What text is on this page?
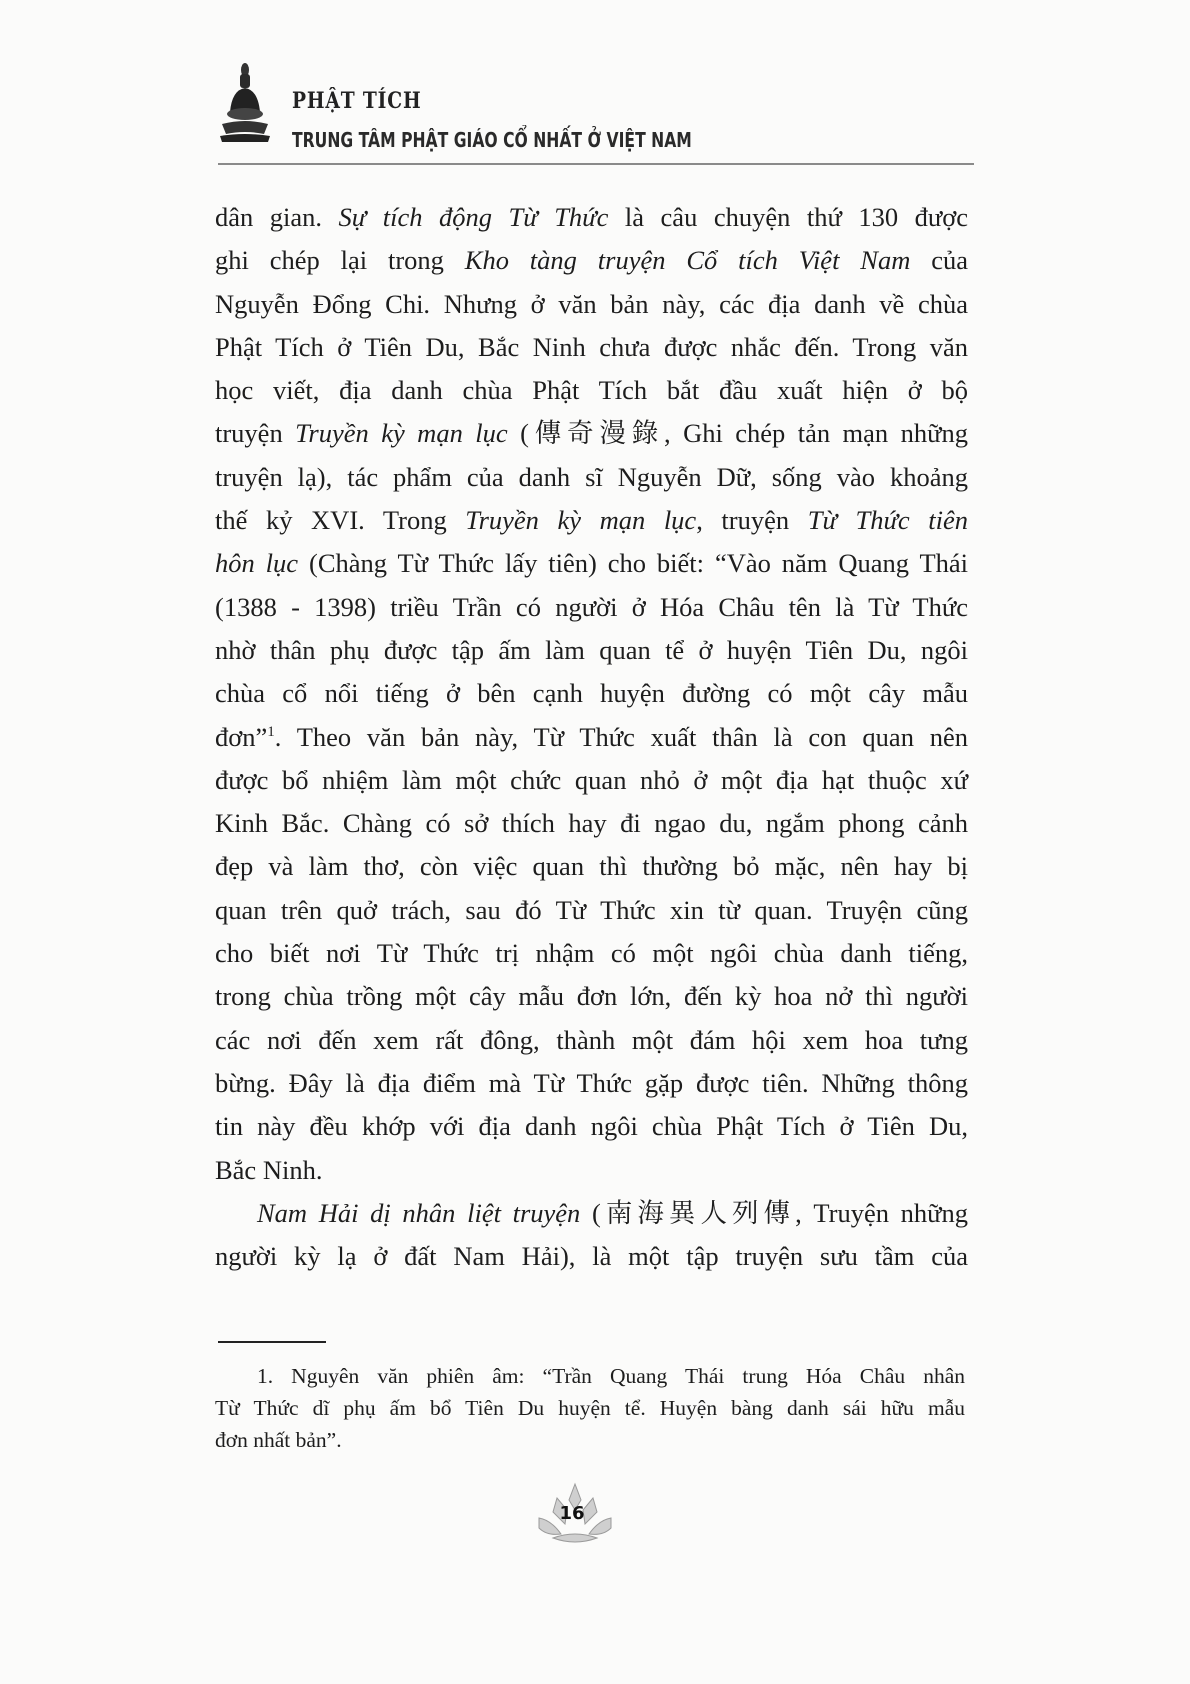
PHẬT TÍCH
TRUNG TÂM PHẬT GIÁO CỔ NHẤT Ở VIỆT NAM
dân gian. Sự tích động Từ Thức là câu chuyện thứ 130 được
ghi chép lại trong Kho tàng truyện Cổ tích Việt Nam của
Nguyễn Đổng Chi. Nhưng ở văn bản này, các địa danh về chùa
Phật Tích ở Tiên Du, Bắc Ninh chưa được nhắc đến. Trong văn
học viết, địa danh chùa Phật Tích bắt đầu xuất hiện ở bộ
truyện Truyền kỳ mạn lục (傳奇漫錄, Ghi chép tản mạn những
truyện lạ), tác phẩm của danh sĩ Nguyễn Dữ, sống vào khoảng
thế kỷ XVI. Trong Truyền kỳ mạn lục, truyện Từ Thức tiên
hôn lục (Chàng Từ Thức lấy tiên) cho biết: “Vào năm Quang Thái
(1388 - 1398) triều Trần có người ở Hóa Châu tên là Từ Thức
nhờ thân phụ được tập ấm làm quan tể ở huyện Tiên Du, ngôi
chùa cổ nổi tiếng ở bên cạnh huyện đường có một cây mẫu
đơn”$^1$. Theo văn bản này, Từ Thức xuất thân là con quan nên
được bổ nhiệm làm một chức quan nhỏ ở một địa hạt thuộc xứ
Kinh Bắc. Chàng có sở thích hay đi ngao du, ngắm phong cảnh
đẹp và làm thơ, còn việc quan thì thường bỏ mặc, nên hay bị
quan trên quở trách, sau đó Từ Thức xin từ quan. Truyện cũng
cho biết nơi Từ Thức trị nhậm có một ngôi chùa danh tiếng,
trong chùa trồng một cây mẫu đơn lớn, đến kỳ hoa nở thì người
các nơi đến xem rất đông, thành một đám hội xem hoa tưng
bừng. Đây là địa điểm mà Từ Thức gặp được tiên. Những thông
tin này đều khớp với địa danh ngôi chùa Phật Tích ở Tiên Du,
Bắc Ninh.
Nam Hải dị nhân liệt truyện (南海異人列傳, Truyện những
người kỳ lạ ở đất Nam Hải), là một tập truyện sưu tầm của
1. Nguyên văn phiên âm: “Trần Quang Thái trung Hóa Châu nhân
Từ Thức dĩ phụ ấm bổ Tiên Du huyện tể. Huyện bàng danh sái hữu mẫu
đơn nhất bản”.
16
